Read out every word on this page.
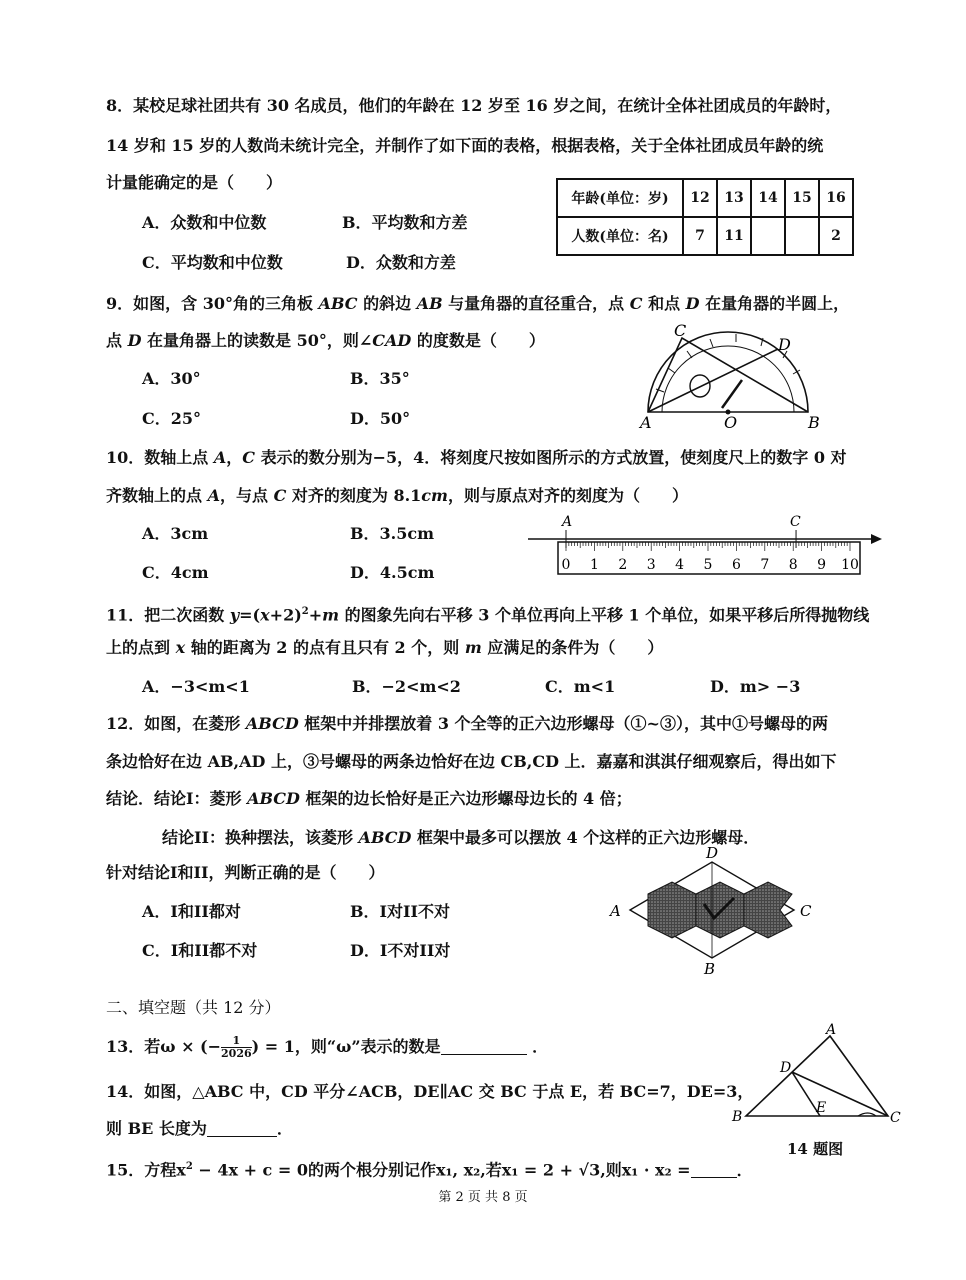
8．某校足球社团共有 30 名成员，他们的年龄在 12 岁至 16 岁之间，在统计全体社团成员的年龄时，
14 岁和 15 岁的人数尚未统计完全，并制作了如下面的表格，根据表格，关于全体社团成员年龄的统
计量能确定的是（　　）
A．众数和中位数	B．平均数和方差
C．平均数和中位数	D．众数和方差
年龄(单位：岁)	12	13	14	15	16
人数(单位：名)	7	11			2
9．如图，含 30°角的三角板 ABC 的斜边 AB 与量角器的直径重合，点 C 和点 D 在量角器的半圆上，
点 D 在量角器上的读数是 50°，则∠CAD 的度数是（　　）
A．30°	B．35°
C．25°	D．50°	A	O	B
C
D
10．数轴上点 A，C 表示的数分别为−5，4．将刻度尺按如图所示的方式放置，使刻度尺上的数字 0 对
齐数轴上的点 A，与点 C 对齐的刻度为 8.1cm，则与原点对齐的刻度为（　　）
A．3cm	B．3.5cm
C．4cm	D．4.5cm
A	C
0 1 2 3 4 5 6 7 8 9 10
11．把二次函数 $y=(x+2)^2+m$ 的图象先向右平移 3 个单位再向上平移 1 个单位，如果平移后所得抛物线
上的点到 x 轴的距离为 2 的点有且只有 2 个，则 m 应满足的条件为（　　）
A．−3<m<1	B．−2<m<2	C．m<1	D．m> −3
12．如图，在菱形 ABCD 框架中并排摆放着 3 个全等的正六边形螺母（①~③），其中①号螺母的两
条边恰好在边 AB,AD 上，③号螺母的两条边恰好在边 CB,CD 上．嘉嘉和淇淇仔细观察后，得出如下
结论．结论I：菱形 ABCD 框架的边长恰好是正六边形螺母边长的 4 倍；
结论II：换种摆法，该菱形 ABCD 框架中最多可以摆放 4 个这样的正六边形螺母．
针对结论I和II，判断正确的是（　　）
A．I和II都对	B．I对II不对
C．I和II都不对	D．I不对II对
A	C
D
B
二、填空题（共 12 分）
13．若ω × (− $\frac{1}{2026}$ ) = 1，则“ω”表示的数是	．
14．如图，△ABC 中，CD 平分∠ACB，DE∥AC 交 BC 于点 E，若 BC=7，DE=3，
则 BE 长度为	．
B
A
C
D
E
14 题图
15．方程$x^2 - 4x + c = 0$的两个根分别记作x₁, x₂,若x₁ = 2 + √3,则x₁ · x₂ =	．
第 2 页 共 8 页
